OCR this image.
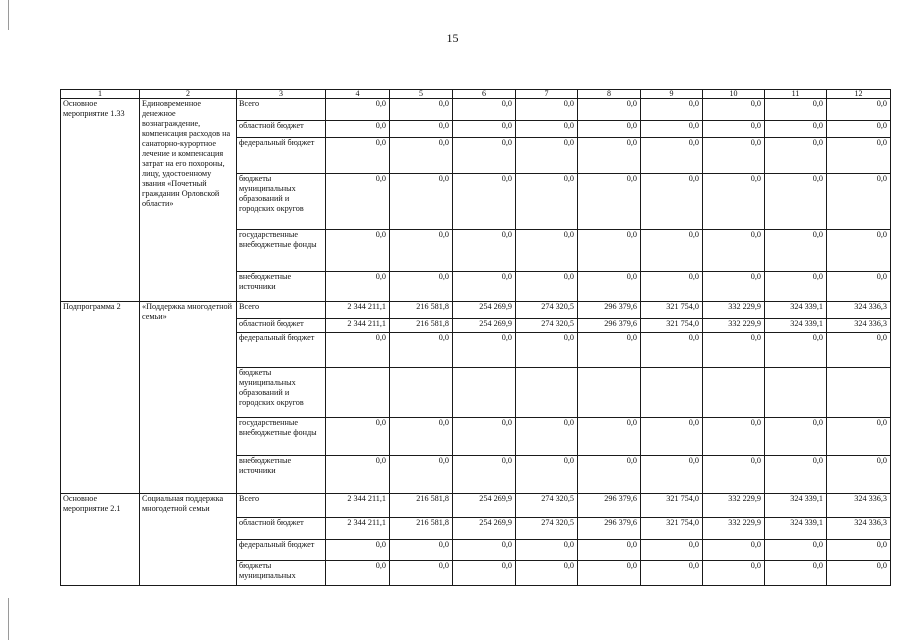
15
1	2	3	4	5	6	7	8	9	10	11	12
Основное мероприятие 1.33	Единовременное денежное вознаграждение, компенсация расходов на санаторно-курортное лечение и компенсация затрат на его похороны, лицу, удостоенному звания «Почетный гражданин Орловской области»	Всего	0,0	0,0	0,0	0,0	0,0	0,0	0,0	0,0	0,0
		областной бюджет	0,0	0,0	0,0	0,0	0,0	0,0	0,0	0,0	0,0
		федеральный бюджет	0,0	0,0	0,0	0,0	0,0	0,0	0,0	0,0	0,0
		бюджеты муниципальных образований и городских округов	0,0	0,0	0,0	0,0	0,0	0,0	0,0	0,0	0,0
		государственные внебюджетные фонды	0,0	0,0	0,0	0,0	0,0	0,0	0,0	0,0	0,0
		внебюджетные источники	0,0	0,0	0,0	0,0	0,0	0,0	0,0	0,0	0,0
Подпрограмма 2	«Поддержка многодетной семьи»	Всего	2 344 211,1	216 581,8	254 269,9	274 320,5	296 379,6	321 754,0	332 229,9	324 339,1	324 336,3
		областной бюджет	2 344 211,1	216 581,8	254 269,9	274 320,5	296 379,6	321 754,0	332 229,9	324 339,1	324 336,3
		федеральный бюджет	0,0	0,0	0,0	0,0	0,0	0,0	0,0	0,0	0,0
		бюджеты муниципальных образований и городских округов									
		государственные внебюджетные фонды	0,0	0,0	0,0	0,0	0,0	0,0	0,0	0,0	0,0
		внебюджетные источники	0,0	0,0	0,0	0,0	0,0	0,0	0,0	0,0	0,0
Основное мероприятие 2.1	Социальная поддержка многодетной семьи	Всего	2 344 211,1	216 581,8	254 269,9	274 320,5	296 379,6	321 754,0	332 229,9	324 339,1	324 336,3
		областной бюджет	2 344 211,1	216 581,8	254 269,9	274 320,5	296 379,6	321 754,0	332 229,9	324 339,1	324 336,3
		федеральный бюджет	0,0	0,0	0,0	0,0	0,0	0,0	0,0	0,0	0,0
		бюджеты муниципальных	0,0	0,0	0,0	0,0	0,0	0,0	0,0	0,0	0,0
